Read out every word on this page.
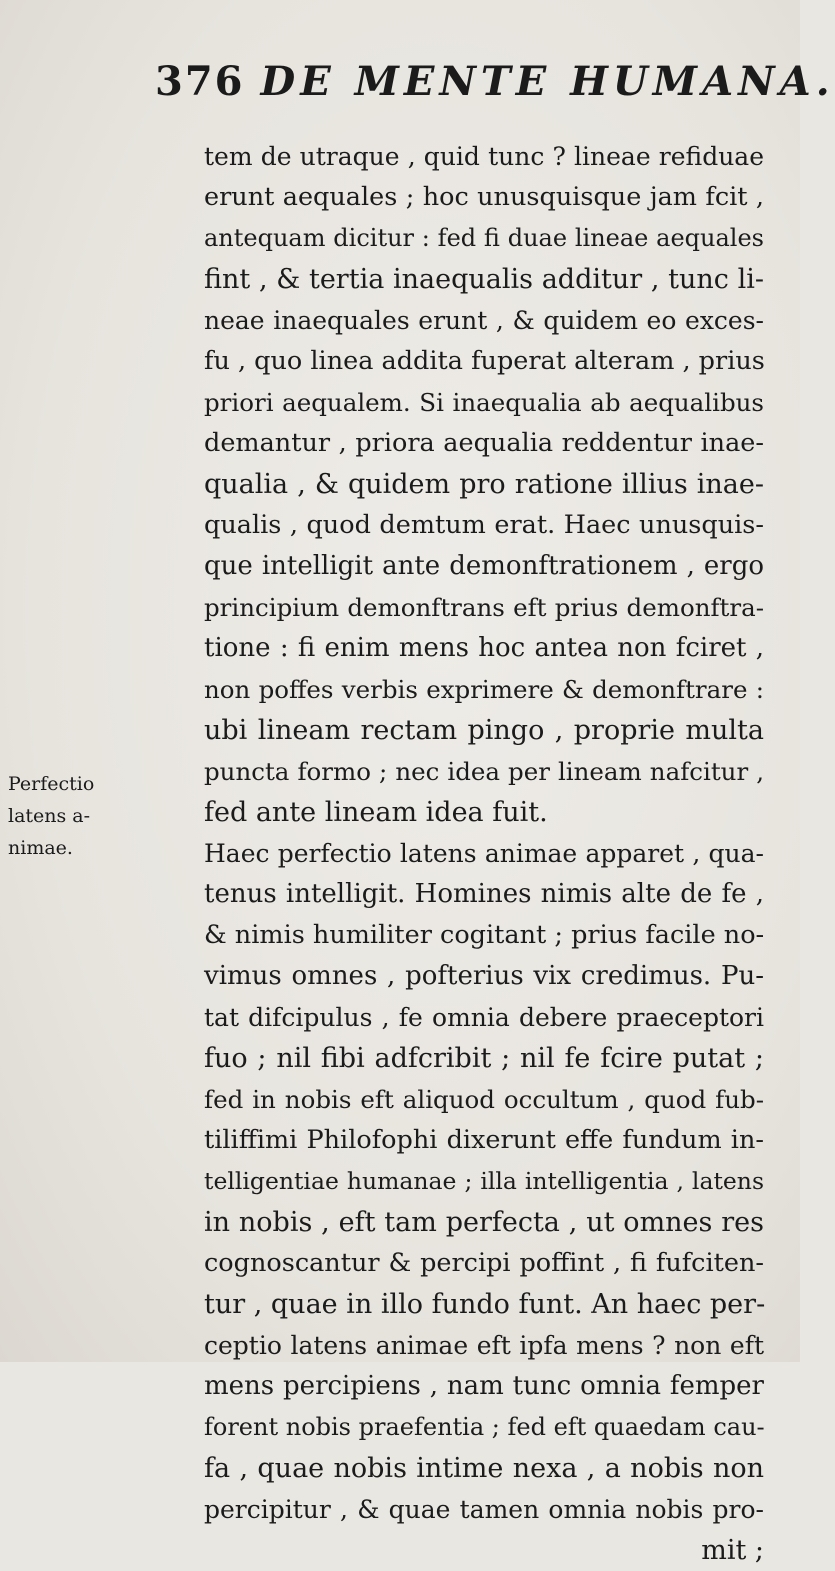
376 DE MENTE HUMANA.
Perfectio
latens a-
nimae.
tem de utraque , quid tunc ? lineae refiduae
erunt aequales ; hoc unusquisque jam fcit ,
antequam dicitur : fed fi duae lineae aequales
fint , & tertia inaequalis additur , tunc li-
neae inaequales erunt , & quidem eo exces-
fu , quo linea addita fuperat alteram , prius
priori aequalem. Si inaequalia ab aequalibus
demantur , priora aequalia reddentur inae-
qualia , & quidem pro ratione illius inae-
qualis , quod demtum erat. Haec unusquis-
que intelligit ante demonftrationem , ergo
principium demonftrans eft prius demonftra-
tione : fi enim mens hoc antea non fciret ,
non poffes verbis exprimere & demonftrare :
ubi lineam rectam pingo , proprie multa
puncta formo ; nec idea per lineam nafcitur ,
fed ante lineam idea fuit.
Haec perfectio latens animae apparet , qua-
tenus intelligit. Homines nimis alte de fe ,
& nimis humiliter cogitant ; prius facile no-
vimus omnes , pofterius vix credimus. Pu-
tat difcipulus , fe omnia debere praeceptori
fuo ; nil fibi adfcribit ; nil fe fcire putat ;
fed in nobis eft aliquod occultum , quod fub-
tiliffimi Philofophi dixerunt effe fundum in-
telligentiae humanae ; illa intelligentia , latens
in nobis , eft tam perfecta , ut omnes res
cognoscantur & percipi poffint , fi fufciten-
tur , quae in illo fundo funt. An haec per-
ceptio latens animae eft ipfa mens ? non eft
mens percipiens , nam tunc omnia femper
forent nobis praefentia ; fed eft quaedam cau-
fa , quae nobis intime nexa , a nobis non
percipitur , & quae tamen omnia nobis pro-
mit ;
